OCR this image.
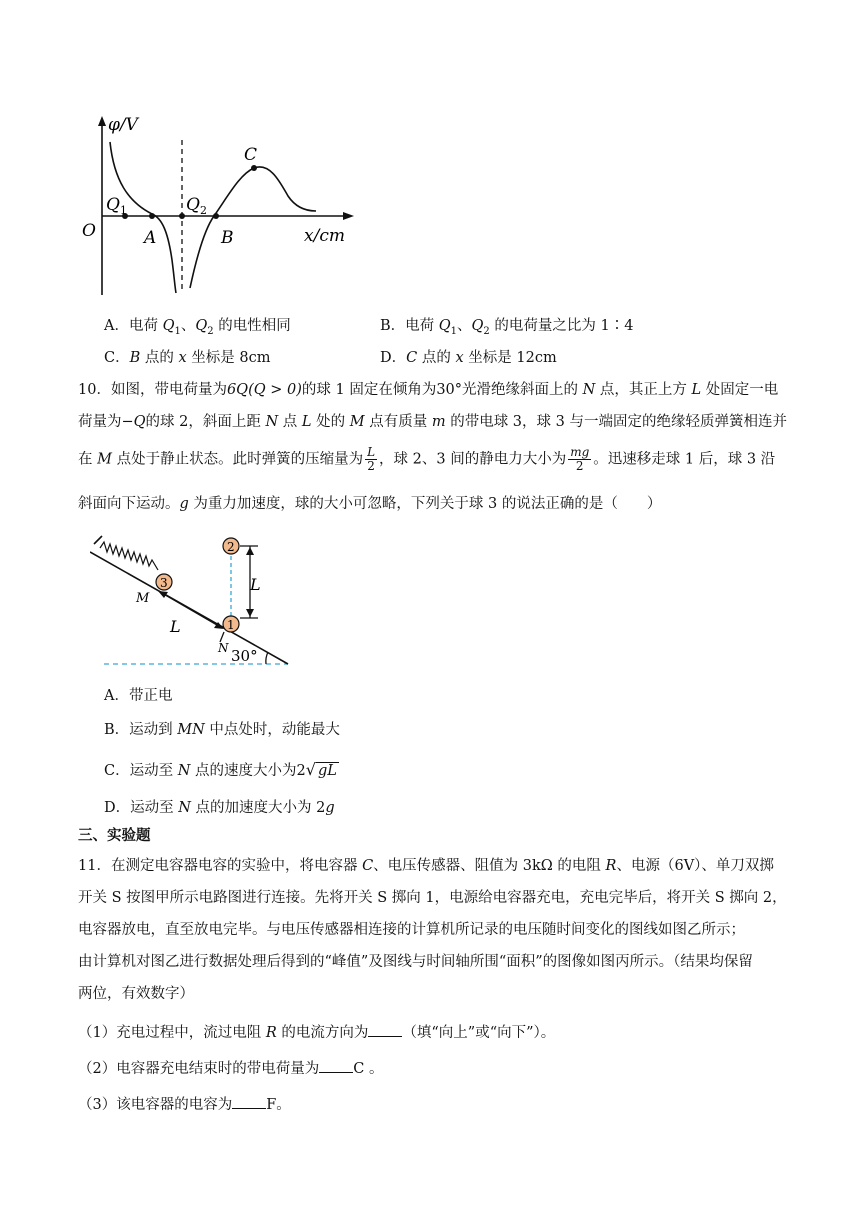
φ/V
x/cm
O
$Q_1$
A
$Q_2$
B
C
A．电荷 $Q_1$、$Q_2$ 的电性相同	B．电荷 $Q_1$、$Q_2$ 的电荷量之比为 1∶4
C．B 点的 x 坐标是 8cm	D．C 点的 x 坐标是 12cm
10．如图，带电荷量为6Q(Q > 0)的球 1 固定在倾角为30°光滑绝缘斜面上的 N 点，其正上方 L 处固定一电
荷量为−Q的球 2，斜面上距 N 点 L 处的 M 点有质量 m 的带电球 3，球 3 与一端固定的绝缘轻质弹簧相连并
在 M 点处于静止状态。此时弹簧的压缩量为 $\frac{L}{2}$ ，球 2、3 间的静电力大小为 $\frac{mg}{2}$ 。迅速移走球 1 后，球 3 沿
斜面向下运动。g 为重力加速度，球的大小可忽略，下列关于球 3 的说法正确的是（　　）
2
3
1
M
L
L
N 30°
A．带正电
B．运动到 MN 中点处时，动能最大
C．运动至 N 点的速度大小为2√ gL
D．运动至 N 点的加速度大小为 2g
三、实验题
11．在测定电容器电容的实验中，将电容器 C、电压传感器、阻值为 3kΩ 的电阻 R、电源（6V）、单刀双掷
开关 S 按图甲所示电路图进行连接。先将开关 S 掷向 1，电源给电容器充电，充电完毕后，将开关 S 掷向 2，
电容器放电，直至放电完毕。与电压传感器相连接的计算机所记录的电压随时间变化的图线如图乙所示；
由计算机对图乙进行数据处理后得到的“峰值”及图线与时间轴所围“面积”的图像如图丙所示。（结果均保留
两位，有效数字）
（1）充电过程中，流过电阻 R 的电流方向为 （填“向上”或“向下”）。
（2）电容器充电结束时的带电荷量为 C 。
（3）该电容器的电容为 F。
